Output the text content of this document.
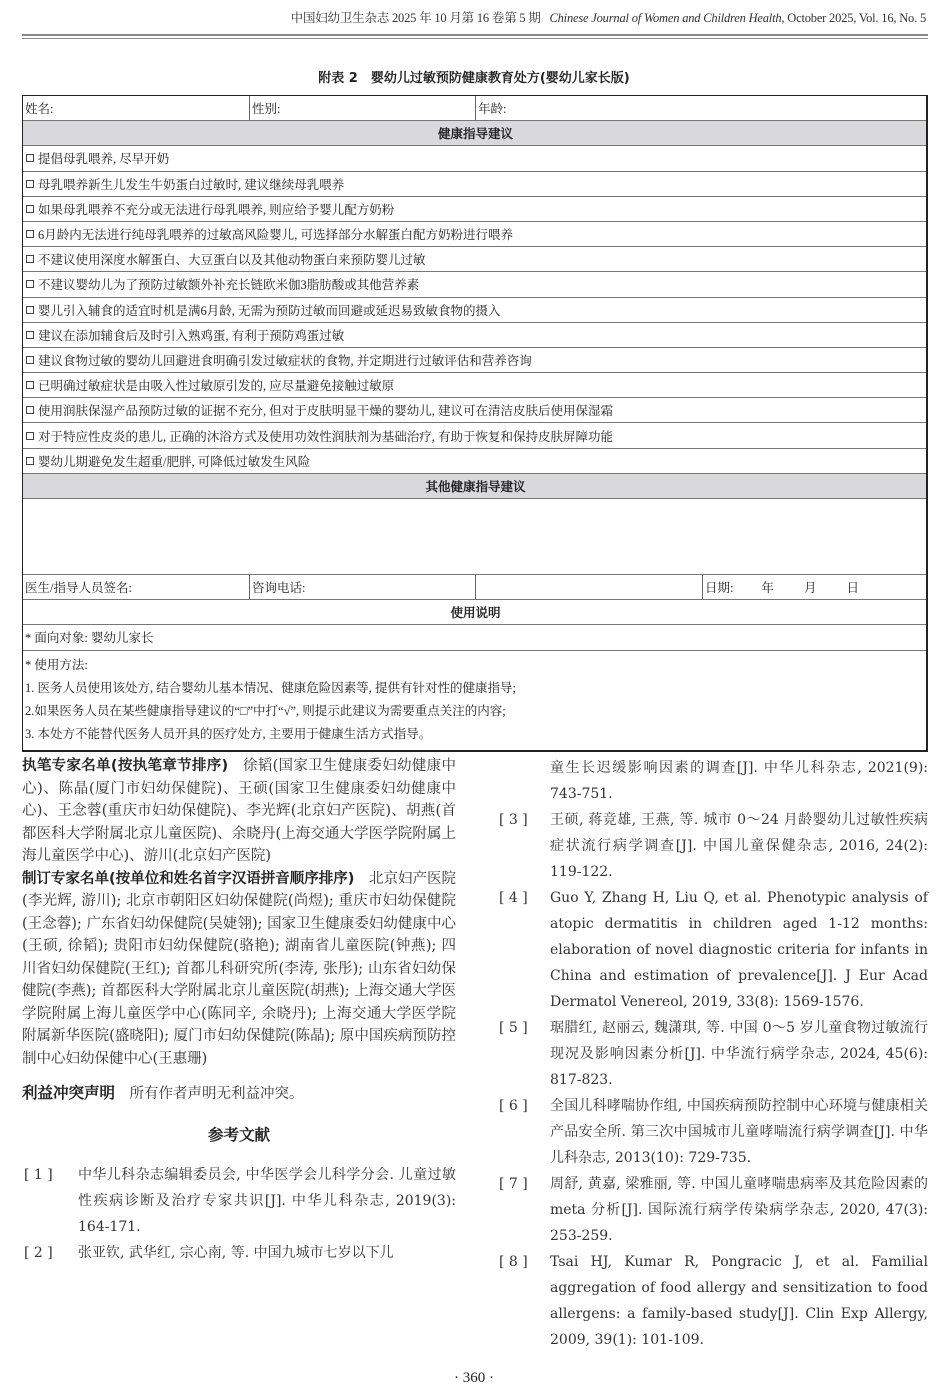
中国妇幼卫生杂志 2025 年 10 月第 16 卷第 5 期 Chinese Journal of Women and Children Health, October 2025, Vol. 16, No. 5
附表 2　婴幼儿过敏预防健康教育处方(婴幼儿家长版)
姓名:	性别:	年龄:
健康指导建议
提倡母乳喂养, 尽早开奶
母乳喂养新生儿发生牛奶蛋白过敏时, 建议继续母乳喂养
如果母乳喂养不充分或无法进行母乳喂养, 则应给予婴儿配方奶粉
6月龄内无法进行纯母乳喂养的过敏高风险婴儿, 可选择部分水解蛋白配方奶粉进行喂养
不建议使用深度水解蛋白、大豆蛋白以及其他动物蛋白来预防婴儿过敏
不建议婴幼儿为了预防过敏额外补充长链欧米伽3脂肪酸或其他营养素
婴儿引入辅食的适宜时机是满6月龄, 无需为预防过敏而回避或延迟易致敏食物的摄入
建议在添加辅食后及时引入熟鸡蛋, 有利于预防鸡蛋过敏
建议食物过敏的婴幼儿回避进食明确引发过敏症状的食物, 并定期进行过敏评估和营养咨询
已明确过敏症状是由吸入性过敏原引发的, 应尽量避免接触过敏原
使用润肤保湿产品预防过敏的证据不充分, 但对于皮肤明显干燥的婴幼儿, 建议可在清洁皮肤后使用保湿霜
对于特应性皮炎的患儿, 正确的沐浴方式及使用功效性润肤剂为基础治疗, 有助于恢复和保持皮肤屏障功能
婴幼儿期避免发生超重/肥胖, 可降低过敏发生风险
其他健康指导建议
医生/指导人员签名:	咨询电话:	日期: 年 月 日
使用说明
* 面向对象: 婴幼儿家长
* 使用方法:
1. 医务人员使用该处方, 结合婴幼儿基本情况、健康危险因素等, 提供有针对性的健康指导;
2.如果医务人员在某些健康指导建议的“□”中打“√”, 则提示此建议为需要重点关注的内容;
3. 本处方不能替代医务人员开具的医疗处方, 主要用于健康生活方式指导。

执笔专家名单(按执笔章节排序)  徐韬(国家卫生健康委妇幼健康中心)、陈晶(厦门市妇幼保健院)、王硕(国家卫生健康委妇幼健康中心)、王念蓉(重庆市妇幼保健院)、李光辉(北京妇产医院)、胡燕(首都医科大学附属北京儿童医院)、余晓丹(上海交通大学医学院附属上海儿童医学中心)、游川(北京妇产医院)

制订专家名单(按单位和姓名首字汉语拼音顺序排序)  北京妇产医院(李光辉, 游川); 北京市朝阳区妇幼保健院(尚煜); 重庆市妇幼保健院(王念蓉); 广东省妇幼保健院(吴婕翎); 国家卫生健康委妇幼健康中心(王硕, 徐韬); 贵阳市妇幼保健院(骆艳); 湖南省儿童医院(钟燕); 四川省妇幼保健院(王红); 首都儿科研究所(李涛, 张彤); 山东省妇幼保健院(李燕); 首都医科大学附属北京儿童医院(胡燕); 上海交通大学医学院附属上海儿童医学中心(陈同辛, 余晓丹); 上海交通大学医学院附属新华医院(盛晓阳); 厦门市妇幼保健院(陈晶); 原中国疾病预防控制中心妇幼保健中心(王惠珊)

利益冲突声明  所有作者声明无利益冲突。

参考文献
[ 1 ]	中华儿科杂志编辑委员会, 中华医学会儿科学分会. 儿童过敏性疾病诊断及治疗专家共识[J]. 中华儿科杂志, 2019(3): 164-171.
[ 2 ]	张亚钦, 武华红, 宗心南, 等. 中国九城市七岁以下儿
童生长迟缓影响因素的调查[J]. 中华儿科杂志, 2021(9): 743-751.
[ 3 ]	王硕, 蒋竞雄, 王燕, 等. 城市 0～24 月龄婴幼儿过敏性疾病症状流行病学调查[J]. 中国儿童保健杂志, 2016, 24(2): 119-122.
[ 4 ]	Guo Y, Zhang H, Liu Q, et al. Phenotypic analysis of atopic dermatitis in children aged 1-12 months: elaboration of novel diagnostic criteria for infants in China and estimation of prevalence[J]. J Eur Acad Dermatol Venereol, 2019, 33(8): 1569-1576.
[ 5 ]	琚腊红, 赵丽云, 魏潇琪, 等. 中国 0～5 岁儿童食物过敏流行现况及影响因素分析[J]. 中华流行病学杂志, 2024, 45(6): 817-823.
[ 6 ]	全国儿科哮喘协作组, 中国疾病预防控制中心环境与健康相关产品安全所. 第三次中国城市儿童哮喘流行病学调查[J]. 中华儿科杂志, 2013(10): 729-735.
[ 7 ]	周舒, 黄嘉, 梁雅丽, 等. 中国儿童哮喘患病率及其危险因素的 meta 分析[J]. 国际流行病学传染病学杂志, 2020, 47(3): 253-259.
[ 8 ]	Tsai HJ, Kumar R, Pongracic J, et al. Familial aggregation of food allergy and sensitization to food allergens: a family-based study[J]. Clin Exp Allergy, 2009, 39(1): 101-109.
· 360 ·
